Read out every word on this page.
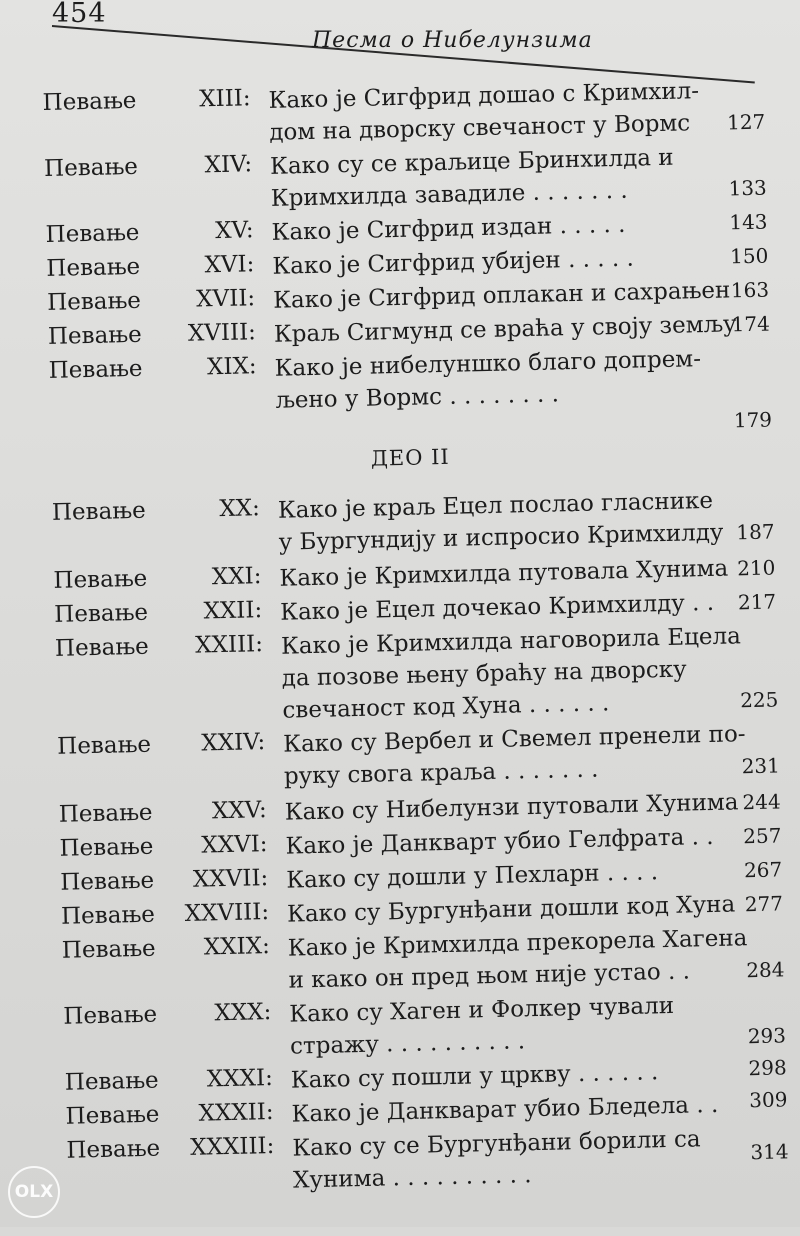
454
Песма о Нибелунзима
Певање	XIII: Како је Сигфрид дошао с Кримхил-
дом на дворску свечаност у Вормс	127
Певање	XIV: Како су се краљице Бринхилда и
Кримхилда завадиле . . . . . . .	133
Певање	XV: Како је Сигфрид издан . . . . .	143
Певање	XVI: Како је Сигфрид убијен . . . . .	150
Певање	XVII: Како је Сигфрид оплакан и сахрањен 163
Певање	XVIII: Краљ Сигмунд се враћа у своју земљу
174
Певање	XIX: Како је нибелуншко благо допрем-
љено у Вормс . . . . . . . .
179
ДЕО II
Певање	XX: Како је краљ Ецел послао гласнике
у Бургундију и испросио Кримхилду 187
Певање	XXI: Како је Кримхилда путовала Хунима 210
Певање	XXII: Како је Ецел дочекао Кримхилду . .	217
Певање	XXIII: Како је Кримхилда наговорила Ецела
да позове њену браћу на дворску
свечаност код Хуна . . . . . .	225
Певање	XXIV: Како су Вербел и Свемел пренели по-
руку свога краља . . . . . . .	231
Певање	XXV: Како су Нибелунзи путовали Хунима 244
Певање	XXVI: Како је Данкварт убио Гелфрата . .	257
Певање	XXVII: Како су дошли у Пехларн . . . .	267
Певање	XXVIII: Како су Бургунђани дошли код Хуна 277
Певање	XXIX: Како је Кримхилда прекорела Хагена
и како он пред њом није устао . .	284
Певање	XXX: Како су Хаген и Фолкер чували
стражу . . . . . . . . . .	293
Певање	XXXI: Како су пошли у цркву . . . . . .	298
Певање	XXXII: Како је Данкварат убио Бледела . .	309
Певање	XXXIII: Како су се Бургунђани борили са
Хунима . . . . . . . . . .
314
OLX
